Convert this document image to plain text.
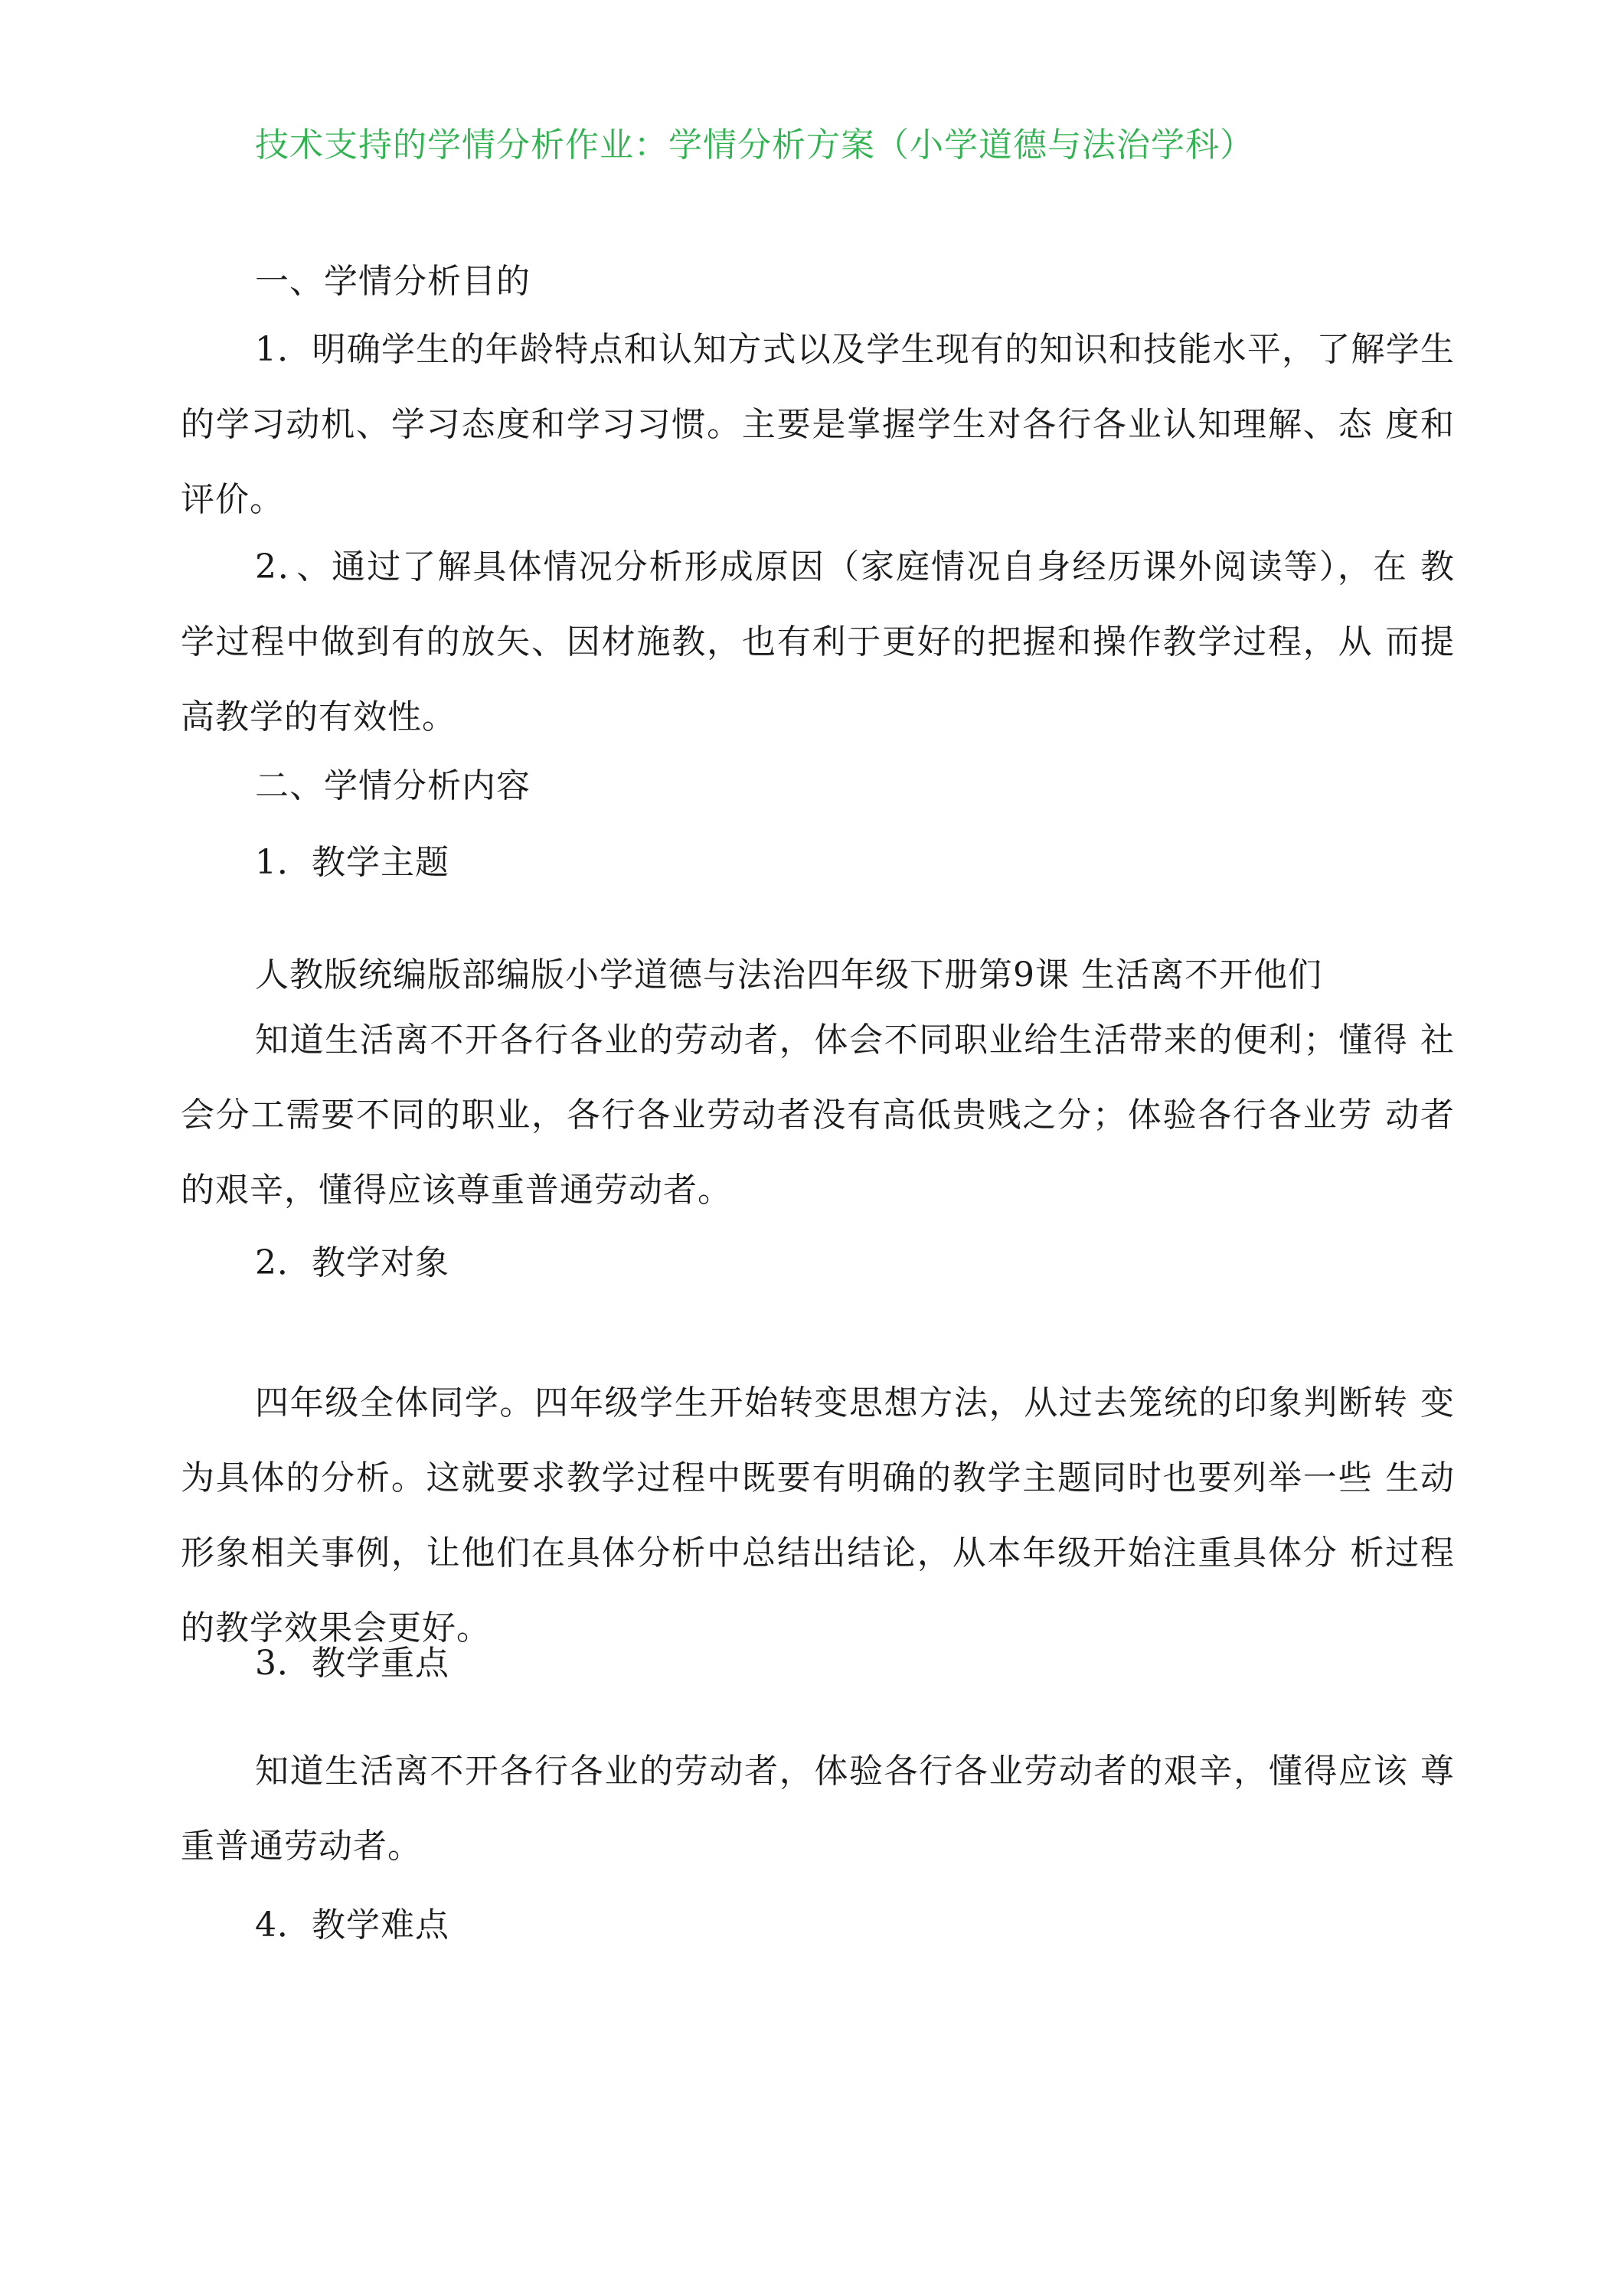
技术支持的学情分析作业：学情分析方案（小学道德与法治学科）
一、学情分析目的

1．明确学生的年龄特点和认知方式以及学生现有的知识和技能水平，了解学生的学习动机、学习态度和学习习惯。主要是掌握学生对各行各业认知理解、态 度和评价。

2．、通过了解具体情况分析形成原因（家庭情况自身经历课外阅读等），在 教学过程中做到有的放矢、因材施教，也有利于更好的把握和操作教学过程，从 而提高教学的有效性。

二、学情分析内容
1．教学主题
人教版统编版部编版小学道德与法治四年级下册第9课 生活离不开他们

知道生活离不开各行各业的劳动者，体会不同职业给生活带来的便利；懂得 社会分工需要不同的职业，各行各业劳动者没有高低贵贱之分；体验各行各业劳 动者的艰辛，懂得应该尊重普通劳动者。

2．教学对象

四年级全体同学。四年级学生开始转变思想方法，从过去笼统的印象判断转 变为具体的分析。这就要求教学过程中既要有明确的教学主题同时也要列举一些 生动形象相关事例，让他们在具体分析中总结出结论，从本年级开始注重具体分 析过程的教学效果会更好。

3．教学重点

知道生活离不开各行各业的劳动者，体验各行各业劳动者的艰辛，懂得应该 尊重普通劳动者。

4．教学难点
